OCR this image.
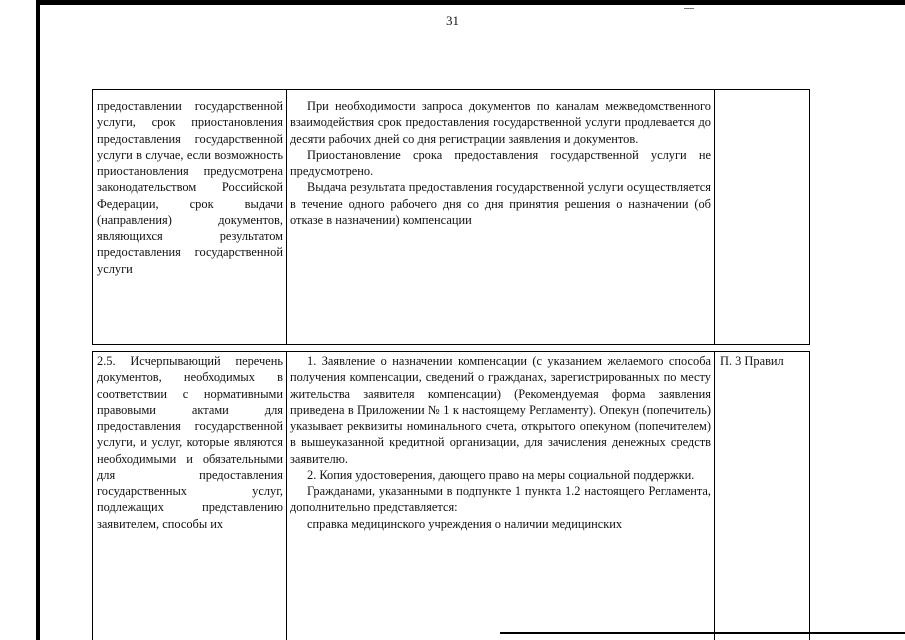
31

предоставлении государственной услуги, срок приостановления предоставления государственной услуги в случае, если возможность приостановления предусмотрена законодательством Российской Федерации, срок выдачи (направления) документов, являющихся результатом предоставления государственной услуги

При необходимости запроса документов по каналам межведомственного взаимодействия срок предоставления государственной услуги продлевается до десяти рабочих дней со дня регистрации заявления и документов.

Приостановление срока предоставления государственной услуги не предусмотрено.

Выдача результата предоставления государственной услуги осуществляется в течение одного рабочего дня со дня принятия решения о назначении (об отказе в назначении) компенсации

2.5. Исчерпывающий перечень документов, необходимых в соответствии с нормативными правовыми актами для предоставления государственной услуги, и услуг, которые являются необходимыми и обязательными для предоставления государственных услуг, подлежащих представлению заявителем, способы их

1. Заявление о назначении компенсации (с указанием желаемого способа получения компенсации, сведений о гражданах, зарегистрированных по месту жительства заявителя компенсации) (Рекомендуемая форма заявления приведена в Приложении № 1 к настоящему Регламенту). Опекун (попечитель) указывает реквизиты номинального счета, открытого опекуном (попечителем) в вышеуказанной кредитной организации, для зачисления денежных средств заявителю.

2. Копия удостоверения, дающего право на меры социальной поддержки.

Гражданами, указанными в подпункте 1 пункта 1.2 настоящего Регламента, дополнительно представляется:

справка медицинского учреждения о наличии медицинских

П. 3 Правил
